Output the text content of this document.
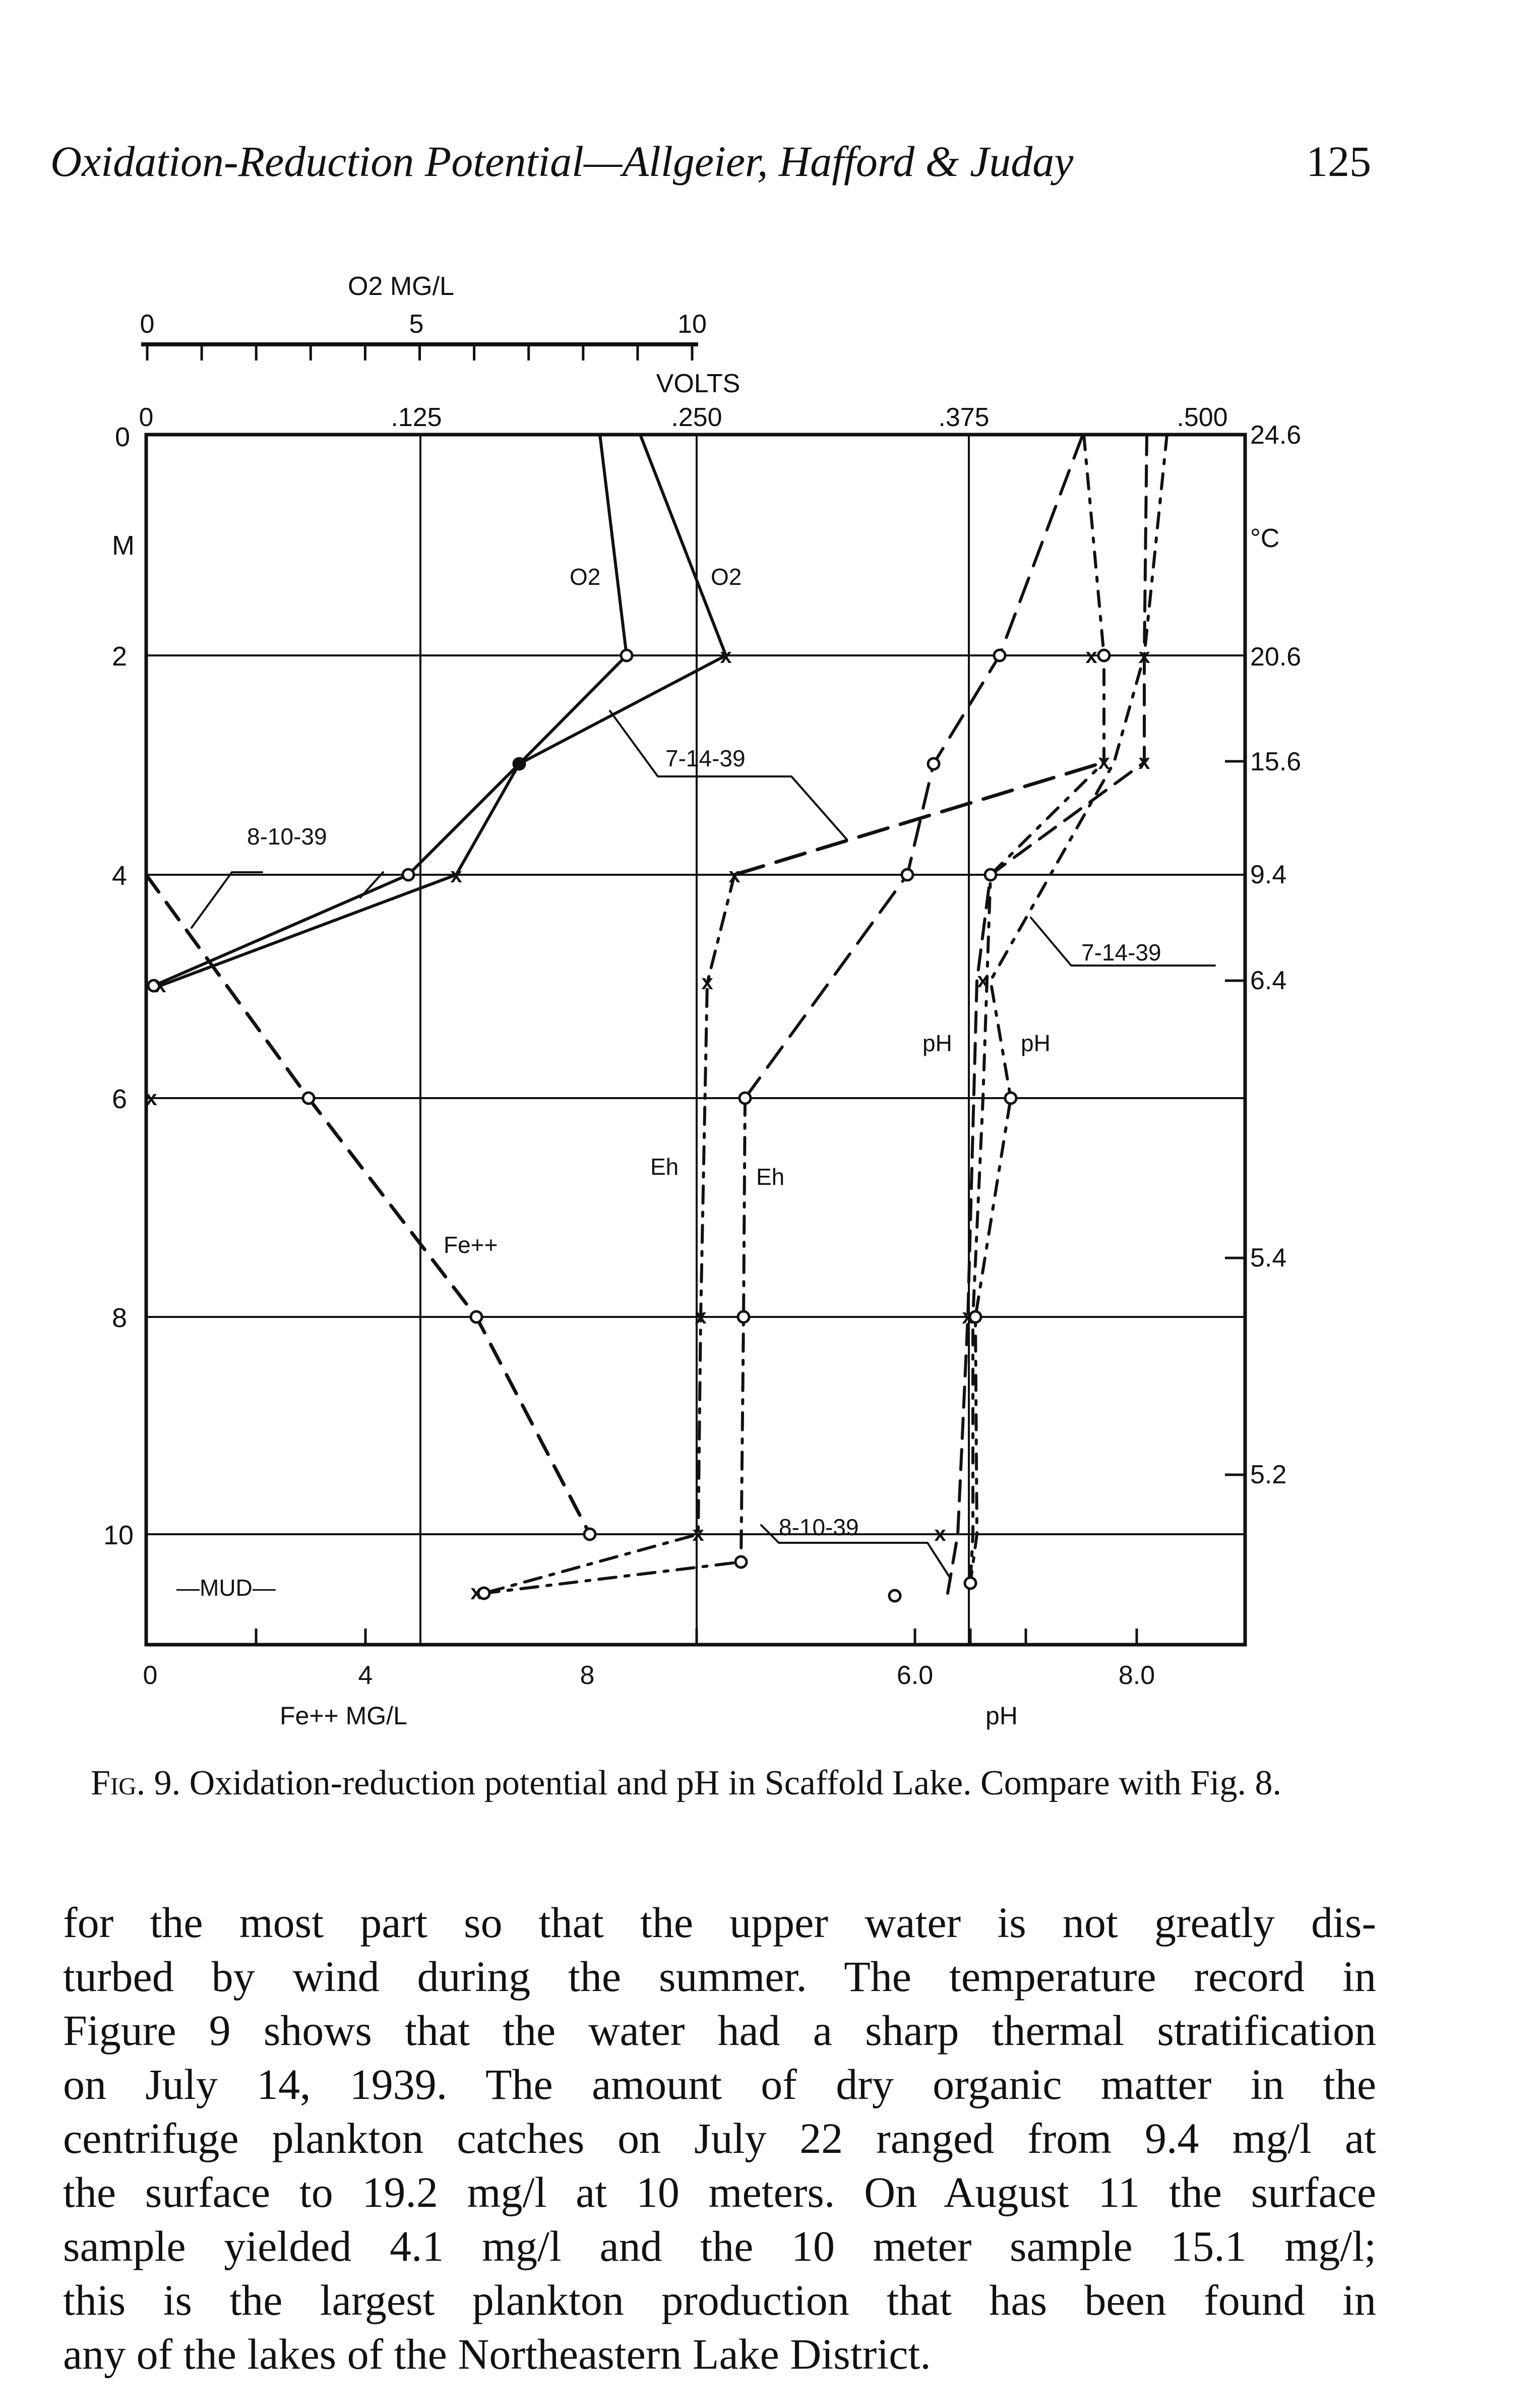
Oxidation-Reduction Potential—Allgeier, Hafford & Juday	125
O2 MG/L
0	5	10
VOLTS
0	.125	.250	.375	.500
0
M
2
4
6
8
10
24.6
°C
20.6
15.6
9.4
6.4
5.4
5.2
0	4	8
Fe++ MG/L
6.0	8.0
pH
x
x
x
x
x
x
x
x x
x x
x
x
x
x
x
O2	O2
7-14-39
8-10-39
7-14-39
Fe++
Eh	Eh
pH	pH
8-10-39
—MUD—
Fig. 9. Oxidation-reduction potential and pH in Scaffold Lake. Compare with Fig. 8.
for the most part so that the upper water is not greatly dis-
turbed by wind during the summer. The temperature record in
Figure 9 shows that the water had a sharp thermal stratification
on July 14, 1939. The amount of dry organic matter in the
centrifuge plankton catches on July 22 ranged from 9.4 mg/l at
the surface to 19.2 mg/l at 10 meters. On August 11 the surface
sample yielded 4.1 mg/l and the 10 meter sample 15.1 mg/l;
this is the largest plankton production that has been found in
any of the lakes of the Northeastern Lake District.
